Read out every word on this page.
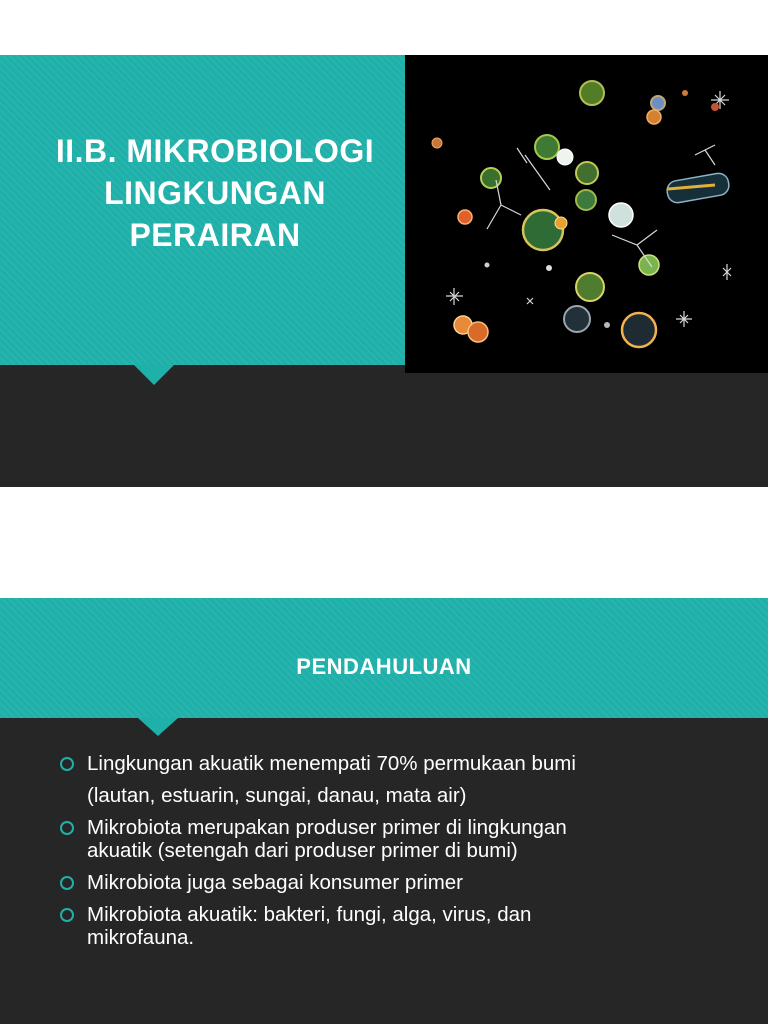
II.B. MIKROBIOLOGI
LINGKUNGAN
PERAIRAN
PENDAHULUAN
Lingkungan akuatik menempati 70% permukaan bumi
(lautan, estuarin, sungai, danau, mata air)
Mikrobiota merupakan produser primer di lingkungan
akuatik (setengah dari produser primer di bumi)
Mikrobiota juga sebagai konsumer primer
Mikrobiota akuatik: bakteri, fungi, alga, virus, dan
mikrofauna.
